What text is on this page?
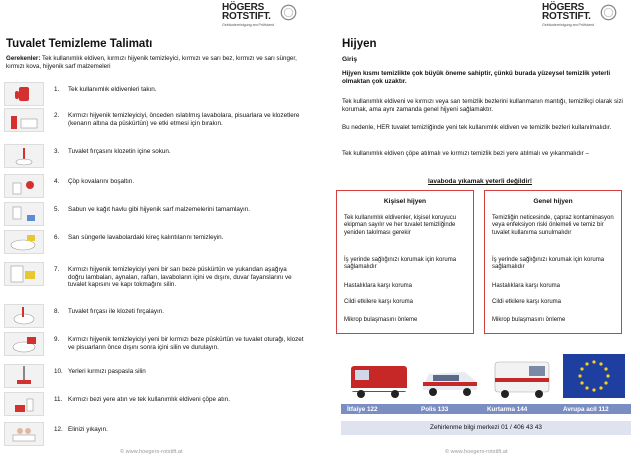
HÖGERS
ROTSTIFT.
Gebäudereinigung am Prüfstand
Tuvalet Temizleme Talimatı
Gerekenler: Tek kullanımlık eldiven, kırmızı hijyenik temizleyici, kırmızı ve sarı bez, kırmızı ve sarı sünger, kırmızı kova, hijyenik sarf malzemeleri
1. Tek kullanımlık eldivenleri takın.
2. Kırmızı hijyenik temizleyiciyi, önceden ıslatılmış lavabolara, pisuarlara ve klozetlere (kenarın altına da püskürtün) ve etki etmesi için bırakın.
3. Tuvalet fırçasını klozetin içine sokun.
4. Çöp kovalarını boşaltın.
5. Sabun ve kağıt havlu gibi hijyenik sarf malzemelerini tamamlayın.
6. Sarı süngerle lavabolardaki kireç kalıntılarını temizleyin.
7. Kırmızı hijyenik temizleyiciyi yeni bir sarı beze püskürtün ve yukarıdan aşağıya doğru lambaları, aynaları, rafları, lavaboların içini ve dışını, duvar fayanslarını ve tuvalet kapısını ve kapı tokmağını silin.
8. Tuvalet fırçası ile klozeti fırçalayın.
9. Kırmızı hijyenik temizleyiciyi yeni bir kırmızı beze püskürtün ve tuvalet oturağı, klozet ve pisuarların önce dışını sonra içini silin ve durulayın.
10. Yerleri kırmızı paspasla silin
11. Kırmızı bezi yere atın ve tek kullanımlık eldiveni çöpe atın.
12. Elinizi yıkayın.
© www.hoegers-rotstift.at
HÖGERS
ROTSTIFT.
Gebäudereinigung am Prüfstand
Hijyen
Giriş
Hijyen kısmı temizlikte çok büyük öneme sahiptir, çünkü burada yüzeysel temizlik yeterli olmaktan çok uzaktır.
Tek kullanımlık eldiveni ve kırmızı veya sarı temizlik bezlerini kullanmanın mantığı, temizlikçi olarak sizi korumak, ama aynı zamanda genel hijyeni sağlamaktır.
Bu nedenle, HER tuvalet temizliğinde yeni tek kullanımlık eldiven ve temizlik bezleri kullanılmalıdır.
Tek kullanımlık eldiven çöpe atılmalı ve kırmızı temizlik bezi yere atılmalı ve yıkanmalıdır –
lavaboda yıkamak yeterli değildir!
Kişisel hijyen
Tek kullanımlık eldivenler, kişisel koruyucu ekipman sayılır ve her tuvalet temizliğinde yeniden takılması gerekir
İş yerinde sağlığınızı korumak için koruma sağlamalıdır
Hastalıklara karşı koruma
Cildi etkilere karşı koruma
Mikrop bulaşmasını önleme
Genel hijyen
Temizliğin neticesinde, çapraz kontaminasyon veya enfeksiyon riski önlemeli ve temiz bir tuvalet kullanıma sunulmalıdır
İş yerinde sağlığınızı korumak için koruma sağlamalıdır
Hastalıklara karşı koruma
Cildi etkilere karşı koruma
Mikrop bulaşmasını önleme
İtfaiye 122	Polis 133	Kurtarma 144	Avrupa acil 112
Zehirlenme bilgi merkezi 01 / 406 43 43
© www.hoegers-rotstift.at
